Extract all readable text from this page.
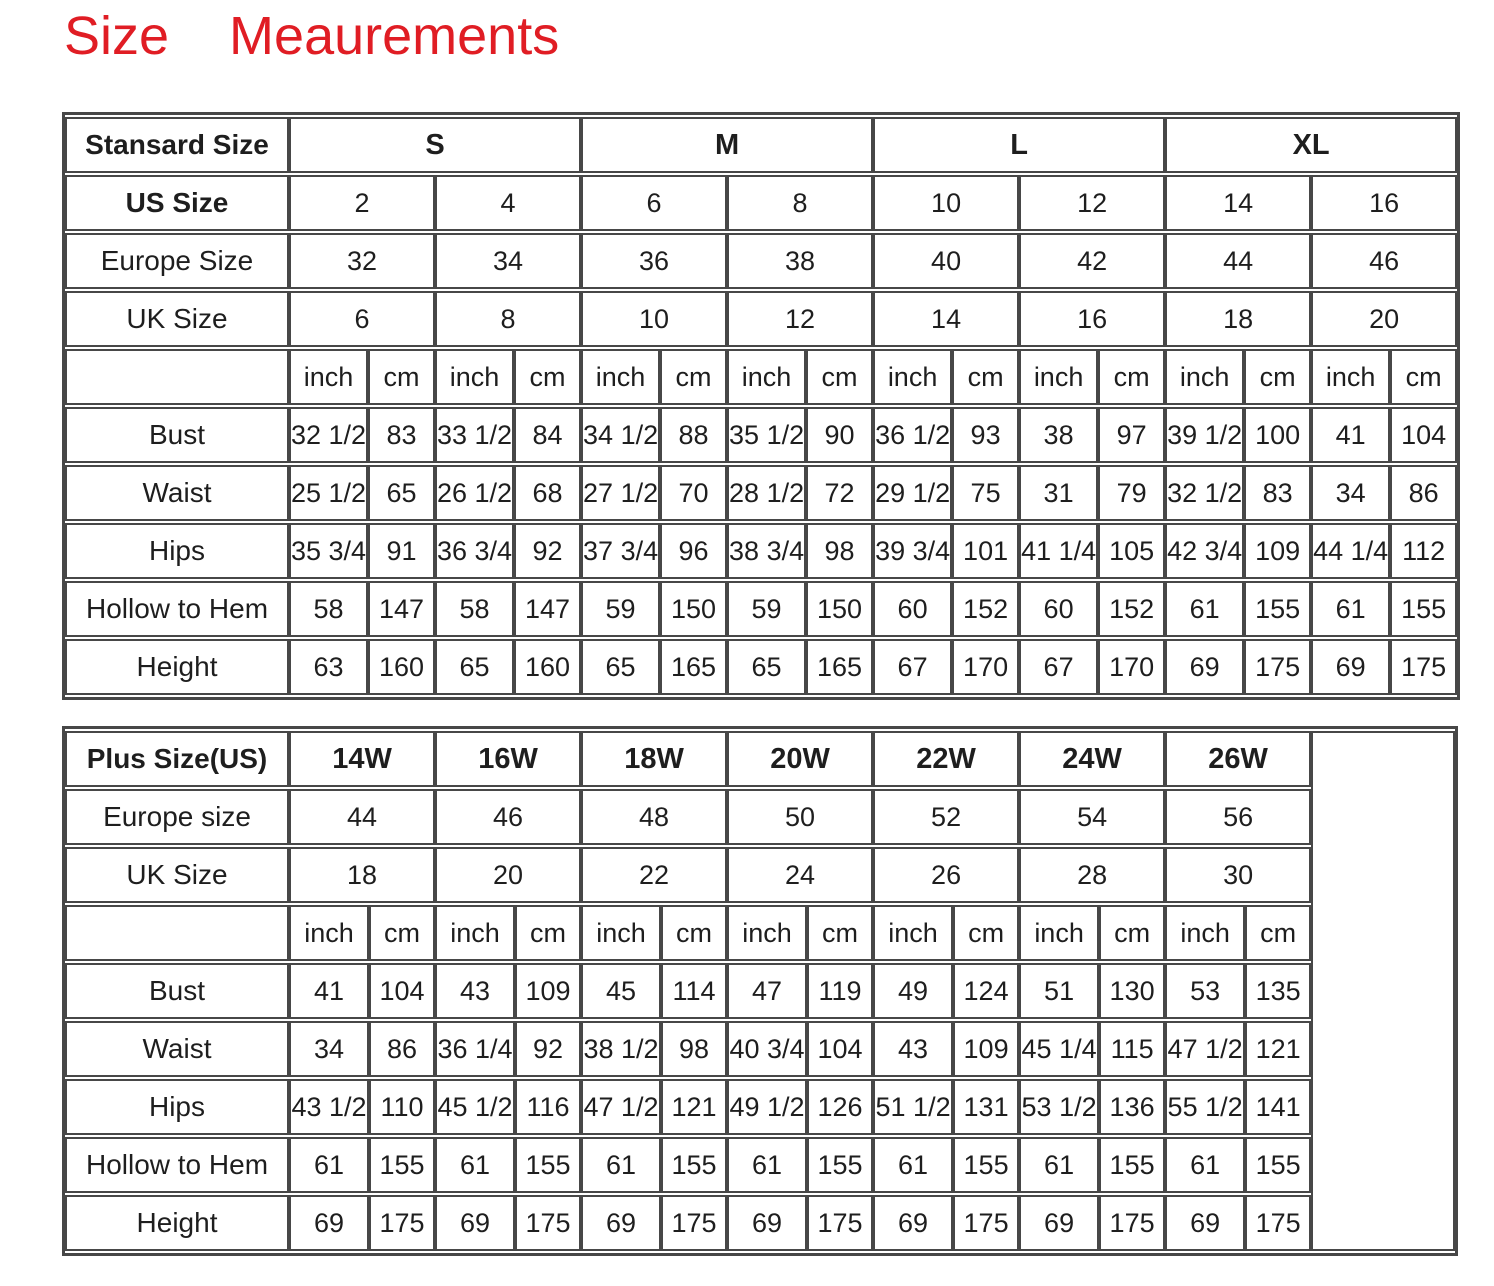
Size    Meaurements
Stansard Size	S				M				L				XL			
US Size	2		4		6		8		10		12		14		16	
Europe Size	32		34		36		38		40		42		44		46	
UK Size	6		8		10		12		14		16		18		20	
	inch	cm	inch	cm	inch	cm	inch	cm	inch	cm	inch	cm	inch	cm	inch	cm
Bust	32 1/2	83	33 1/2	84	34 1/2	88	35 1/2	90	36 1/2	93	38	97	39 1/2	100	41	104
Waist	25 1/2	65	26 1/2	68	27 1/2	70	28 1/2	72	29 1/2	75	31	79	32 1/2	83	34	86
Hips	35 3/4	91	36 3/4	92	37 3/4	96	38 3/4	98	39 3/4	101	41 1/4	105	42 3/4	109	44 1/4	112
Hollow to Hem	58	147	58	147	59	150	59	150	60	152	60	152	61	155	61	155
Height	63	160	65	160	65	165	65	165	67	170	67	170	69	175	69	175
Plus Size(US)	14W		16W		18W		20W		22W		24W		26W		
Europe size	44		46		48		50		52		54		56		
UK Size	18		20		22		24		26		28		30		
	inch	cm	inch	cm	inch	cm	inch	cm	inch	cm	inch	cm	inch	cm	
Bust	41	104	43	109	45	114	47	119	49	124	51	130	53	135	
Waist	34	86	36 1/4	92	38 1/2	98	40 3/4	104	43	109	45 1/4	115	47 1/2	121	
Hips	43 1/2	110	45 1/2	116	47 1/2	121	49 1/2	126	51 1/2	131	53 1/2	136	55 1/2	141	
Hollow to Hem	61	155	61	155	61	155	61	155	61	155	61	155	61	155	
Height	69	175	69	175	69	175	69	175	69	175	69	175	69	175	
